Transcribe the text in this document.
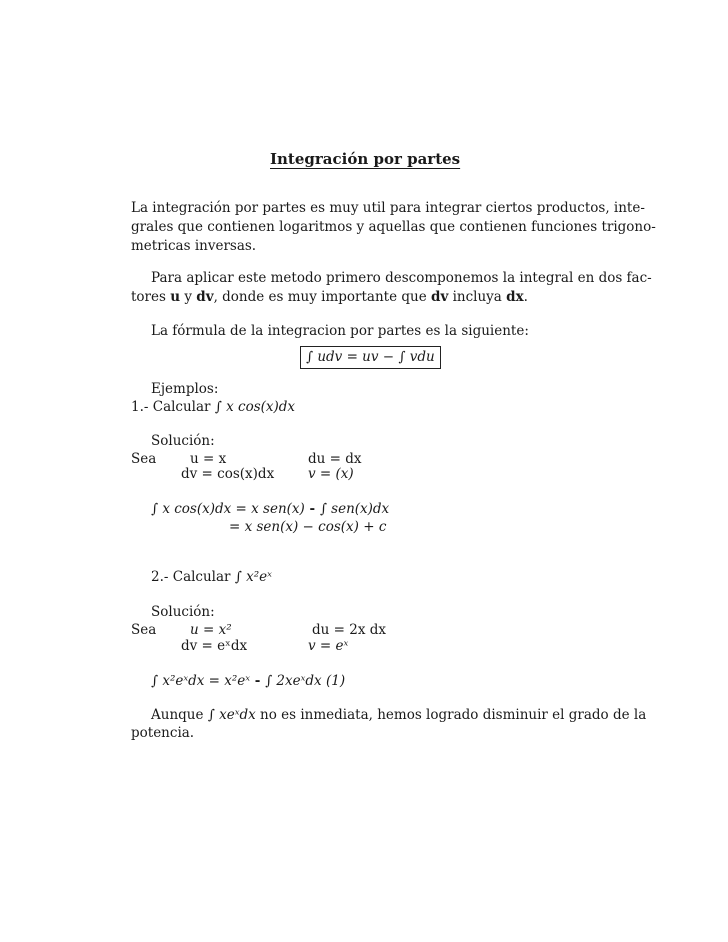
Integración por partes
La integración por partes es muy util para integrar ciertos productos, inte-
grales que contienen logaritmos y aquellas que contienen funciones trigono-
metricas inversas.
Para aplicar este metodo primero descomponemos la integral en dos fac-
tores u y dv, donde es muy importante que dv incluya dx.
La fórmula de la integracion por partes es la siguiente:
∫ udv = uv − ∫ vdu
Ejemplos:
1.- Calcular ∫ x cos(x)dx
Solución:
Sea u = x	du = dx
dv = cos(x)dx	v = (x)
∫ x cos(x)dx = x sen(x) - ∫ sen(x)dx
= x sen(x) − cos(x) + c
2.- Calcular ∫ x²eˣ
Solución:
Sea u = x²	du = 2x dx
dv = eˣdx	v = eˣ
∫ x²eˣdx = x²eˣ - ∫ 2xeˣdx (1)
Aunque ∫ xeˣdx no es inmediata, hemos logrado disminuir el grado de la
potencia.
